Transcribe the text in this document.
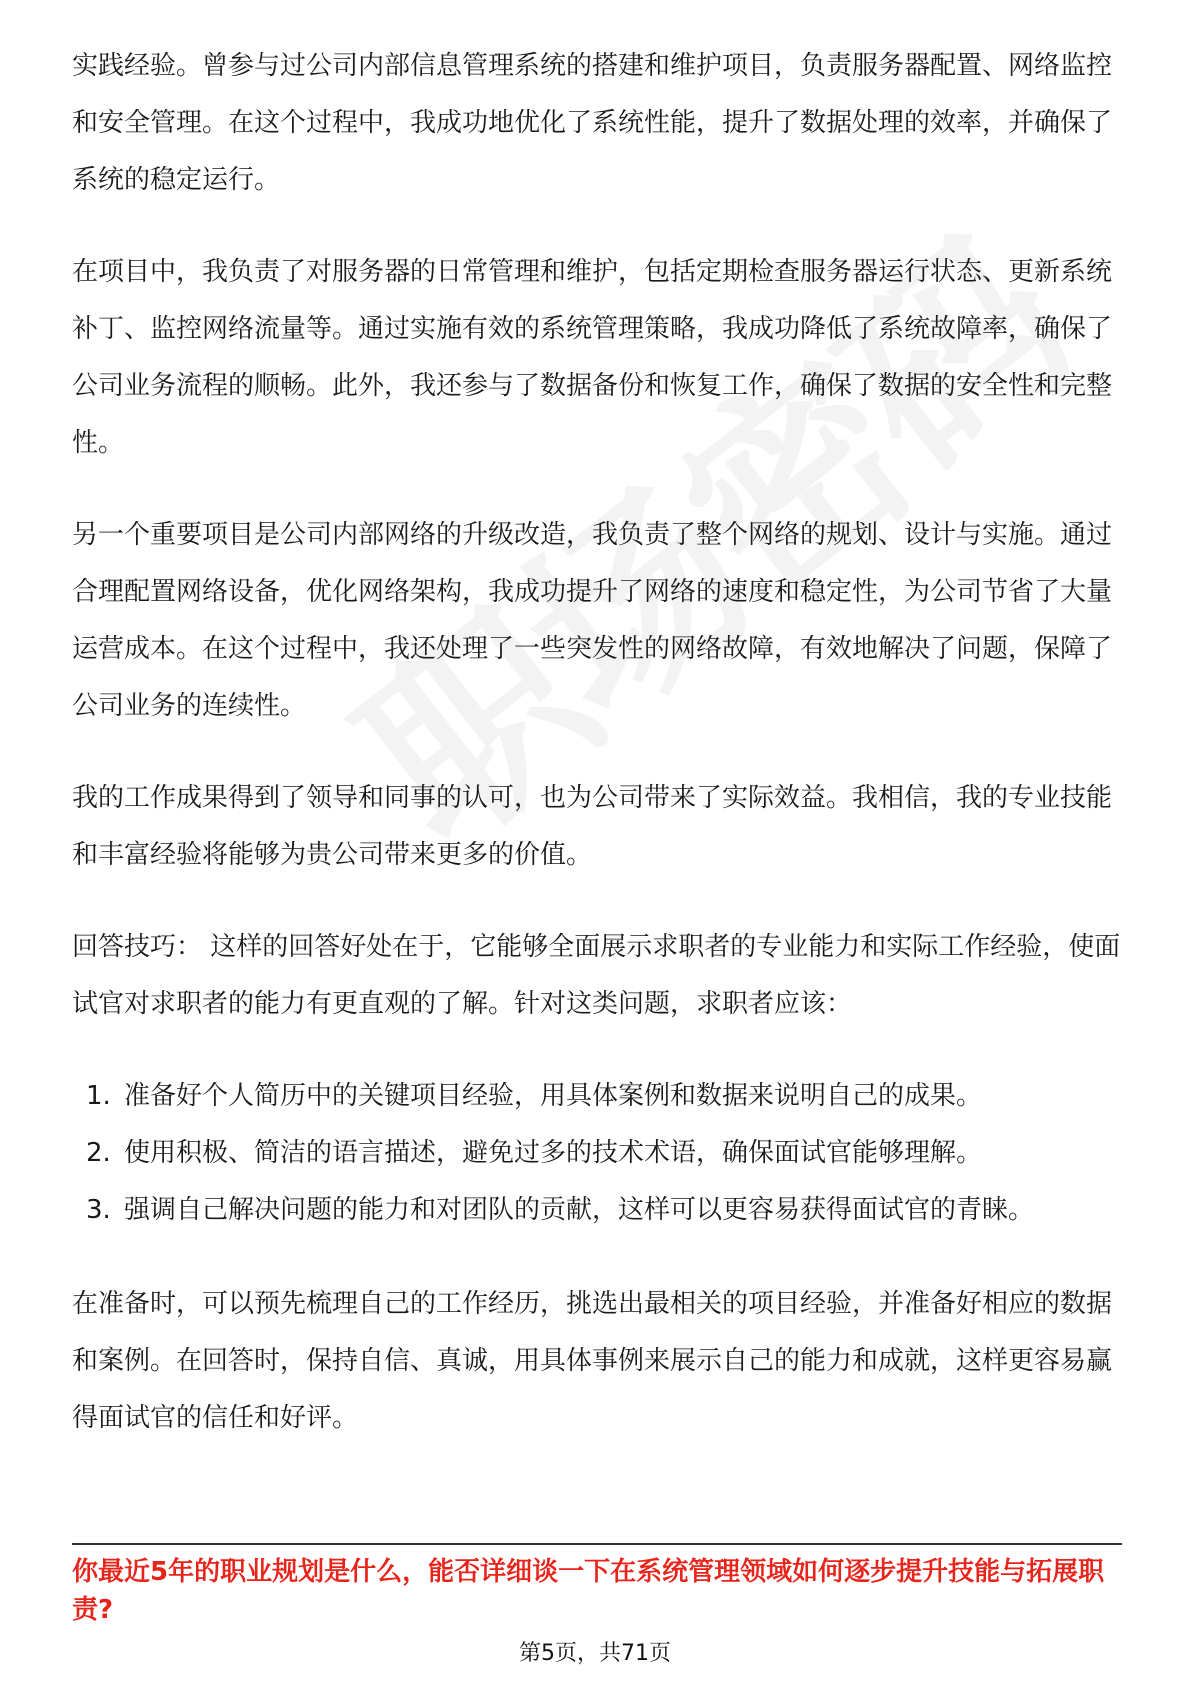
实践经验。曾参与过公司内部信息管理系统的搭建和维护项目，负责服务器配置、网络监控和安全管理。在这个过程中，我成功地优化了系统性能，提升了数据处理的效率，并确保了系统的稳定运行。

在项目中，我负责了对服务器的日常管理和维护，包括定期检查服务器运行状态、更新系统补丁、监控网络流量等。通过实施有效的系统管理策略，我成功降低了系统故障率，确保了公司业务流程的顺畅。此外，我还参与了数据备份和恢复工作，确保了数据的安全性和完整性。

另一个重要项目是公司内部网络的升级改造，我负责了整个网络的规划、设计与实施。通过合理配置网络设备，优化网络架构，我成功提升了网络的速度和稳定性，为公司节省了大量运营成本。在这个过程中，我还处理了一些突发性的网络故障，有效地解决了问题，保障了公司业务的连续性。

我的工作成果得到了领导和同事的认可，也为公司带来了实际效益。我相信，我的专业技能和丰富经验将能够为贵公司带来更多的价值。

回答技巧： 这样的回答好处在于，它能够全面展示求职者的专业能力和实际工作经验，使面试官对求职者的能力有更直观的了解。针对这类问题，求职者应该：

1. 准备好个人简历中的关键项目经验，用具体案例和数据来说明自己的成果。
2. 使用积极、简洁的语言描述，避免过多的技术术语，确保面试官能够理解。
3. 强调自己解决问题的能力和对团队的贡献，这样可以更容易获得面试官的青睐。

在准备时，可以预先梳理自己的工作经历，挑选出最相关的项目经验，并准备好相应的数据和案例。在回答时，保持自信、真诚，用具体事例来展示自己的能力和成就，这样更容易赢得面试官的信任和好评。

你最近5年的职业规划是什么，能否详细谈一下在系统管理领域如何逐步提升技能与拓展职责?
第5页，共71页
